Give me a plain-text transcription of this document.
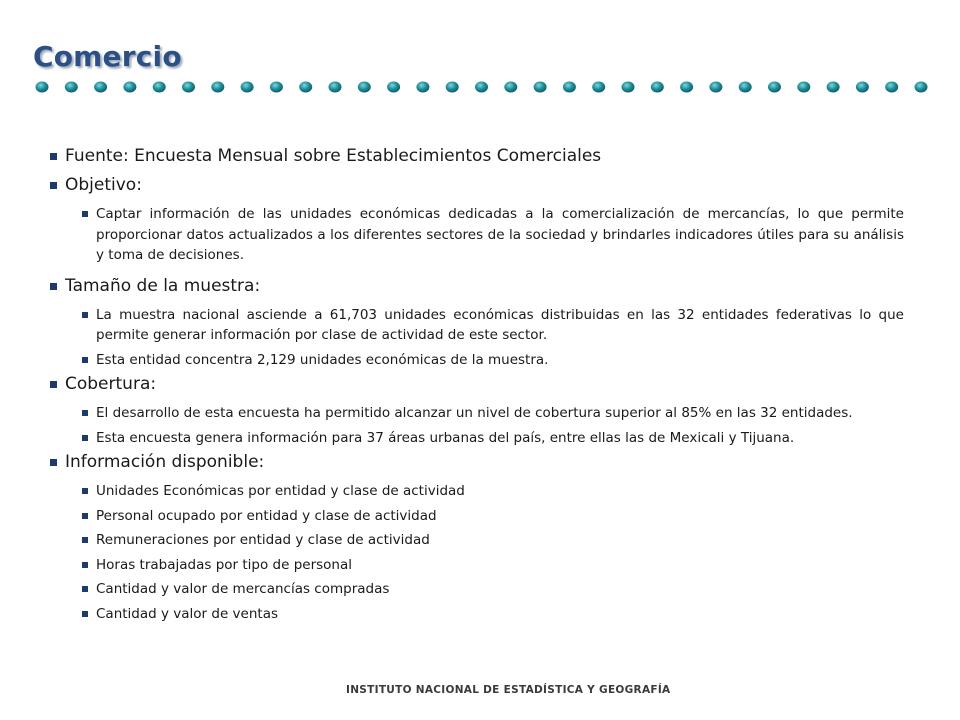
Comercio
Fuente: Encuesta Mensual sobre Establecimientos Comerciales
Objetivo:
Captar información de las unidades económicas dedicadas a la comercialización de mercancías, lo que permite proporcionar datos actualizados a los diferentes sectores de la sociedad y brindarles indicadores útiles para su análisis y toma de decisiones.
Tamaño de la muestra:
La muestra nacional asciende a 61,703 unidades económicas distribuidas en las 32 entidades federativas lo que permite generar información por clase de actividad de este sector.
Esta entidad concentra 2,129 unidades económicas de la muestra.
Cobertura:
El desarrollo de esta encuesta ha permitido alcanzar un nivel de cobertura superior al 85% en las 32 entidades.
Esta encuesta genera información para 37 áreas urbanas del país, entre ellas las de Mexicali y Tijuana.
Información disponible:
Unidades Económicas por entidad y clase de actividad
Personal ocupado por entidad y clase de actividad
Remuneraciones por entidad y clase de actividad
Horas trabajadas por tipo de personal
Cantidad y valor de mercancías compradas
Cantidad y valor de ventas
INSTITUTO NACIONAL DE ESTADÍSTICA Y GEOGRAFÍA
